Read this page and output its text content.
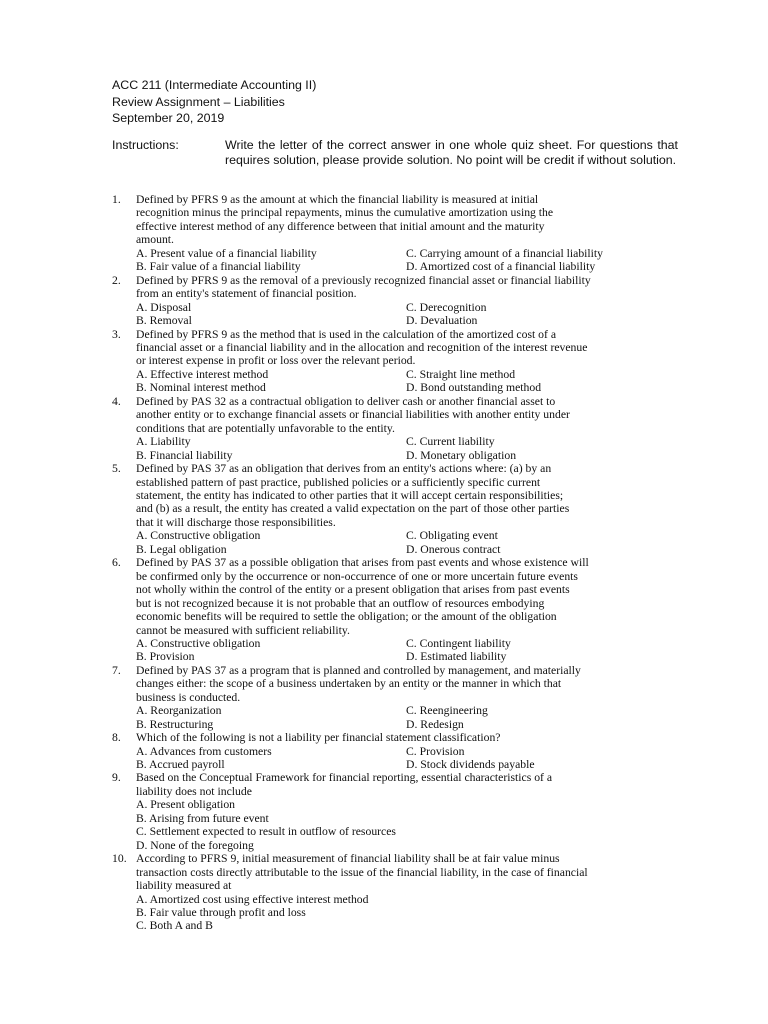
ACC 211 (Intermediate Accounting II)
Review Assignment – Liabilities
September 20, 2019
Instructions:	Write the letter of the correct answer in one whole quiz sheet. For questions that requires solution, please provide solution. No point will be credit if without solution.
1. Defined by PFRS 9 as the amount at which the financial liability is measured at initial
recognition minus the principal repayments, minus the cumulative amortization using the
effective interest method of any difference between that initial amount and the maturity
amount.
A. Present value of a financial liability	C. Carrying amount of a financial liability
B. Fair value of a financial liability	D. Amortized cost of a financial liability
2. Defined by PFRS 9 as the removal of a previously recognized financial asset or financial liability
from an entity's statement of financial position.
A. Disposal	C. Derecognition
B. Removal	D. Devaluation
3. Defined by PFRS 9 as the method that is used in the calculation of the amortized cost of a
financial asset or a financial liability and in the allocation and recognition of the interest revenue
or interest expense in profit or loss over the relevant period.
A. Effective interest method	C. Straight line method
B. Nominal interest method	D. Bond outstanding method
4. Defined by PAS 32 as a contractual obligation to deliver cash or another financial asset to
another entity or to exchange financial assets or financial liabilities with another entity under
conditions that are potentially unfavorable to the entity.
A. Liability	C. Current liability
B. Financial liability	D. Monetary obligation
5. Defined by PAS 37 as an obligation that derives from an entity's actions where: (a) by an
established pattern of past practice, published policies or a sufficiently specific current
statement, the entity has indicated to other parties that it will accept certain responsibilities;
and (b) as a result, the entity has created a valid expectation on the part of those other parties
that it will discharge those responsibilities.
A. Constructive obligation	C. Obligating event
B. Legal obligation	D. Onerous contract
6. Defined by PAS 37 as a possible obligation that arises from past events and whose existence will
be confirmed only by the occurrence or non-occurrence of one or more uncertain future events
not wholly within the control of the entity or a present obligation that arises from past events
but is not recognized because it is not probable that an outflow of resources embodying
economic benefits will be required to settle the obligation; or the amount of the obligation
cannot be measured with sufficient reliability.
A. Constructive obligation	C. Contingent liability
B. Provision	D. Estimated liability
7. Defined by PAS 37 as a program that is planned and controlled by management, and materially
changes either: the scope of a business undertaken by an entity or the manner in which that
business is conducted.
A. Reorganization	C. Reengineering
B. Restructuring	D. Redesign
8. Which of the following is not a liability per financial statement classification?
A. Advances from customers	C. Provision
B. Accrued payroll	D. Stock dividends payable
9. Based on the Conceptual Framework for financial reporting, essential characteristics of a
liability does not include
A. Present obligation
B. Arising from future event
C. Settlement expected to result in outflow of resources
D. None of the foregoing
10. According to PFRS 9, initial measurement of financial liability shall be at fair value minus
transaction costs directly attributable to the issue of the financial liability, in the case of financial
liability measured at
A. Amortized cost using effective interest method
B. Fair value through profit and loss
C. Both A and B
